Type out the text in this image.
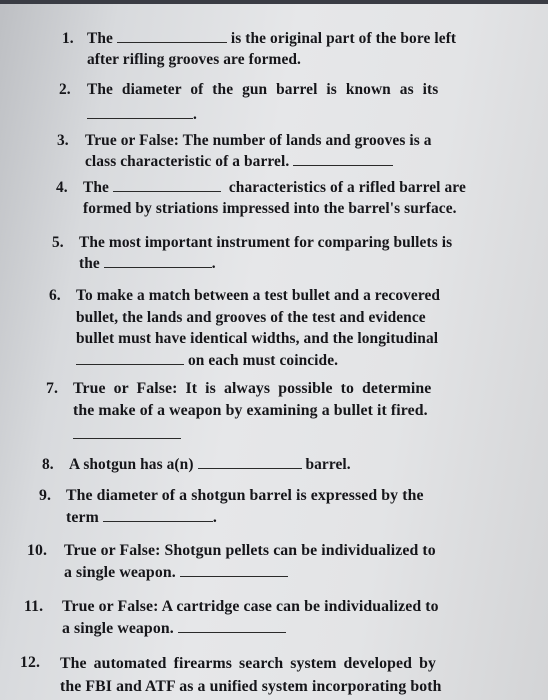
1. The	is the original part of the bore left
after rifling grooves are formed.
2. The diameter of the gun barrel is known as its
.
3. True or False: The number of lands and grooves is a
class characteristic of a barrel.
4. The	characteristics of a rifled barrel are
formed by striations impressed into the barrel's surface.
5. The most important instrument for comparing bullets is
the	.
6. To make a match between a test bullet and a recovered
bullet, the lands and grooves of the test and evidence
bullet must have identical widths, and the longitudinal
on each must coincide.
7. True or False: It is always possible to determine
the make of a weapon by examining a bullet it fired.
8. A shotgun has a(n)	barrel.
9. The diameter of a shotgun barrel is expressed by the
term	.
10. True or False: Shotgun pellets can be individualized to
a single weapon.
11. True or False: A cartridge case can be individualized to
a single weapon.
12. The automated firearms search system developed by
the FBI and ATF as a unified system incorporating both
